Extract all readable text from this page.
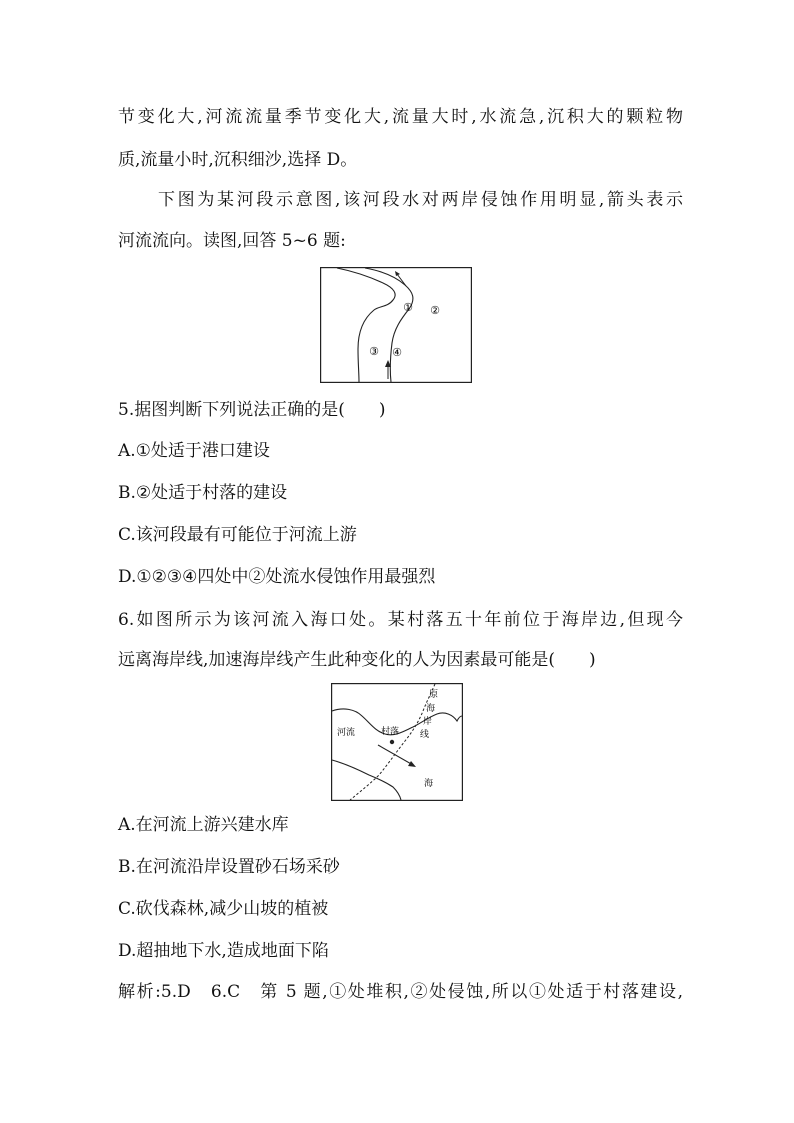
节变化大,河流流量季节变化大,流量大时,水流急,沉积大的颗粒物
质,流量小时,沉积细沙,选择 D。
下图为某河段示意图,该河段水对两岸侵蚀作用明显,箭头表示
河流流向。读图,回答 5~6 题:
① ②
③ ④
5.据图判断下列说法正确的是(　　)
A.①处适于港口建设
B.②处适于村落的建设
C.该河段最有可能位于河流上游
D.①②③④四处中②处流水侵蚀作用最强烈
6.如图所示为该河流入海口处。某村落五十年前位于海岸边,但现今
远离海岸线,加速海岸线产生此种变化的人为因素最可能是(　　)
河流	村落
海
原
海
岸
线
A.在河流上游兴建水库
B.在河流沿岸设置砂石场采砂
C.砍伐森林,减少山坡的植被
D.超抽地下水,造成地面下陷
解析:5.D　6.C　第 5 题,①处堆积,②处侵蚀,所以①处适于村落建设,
